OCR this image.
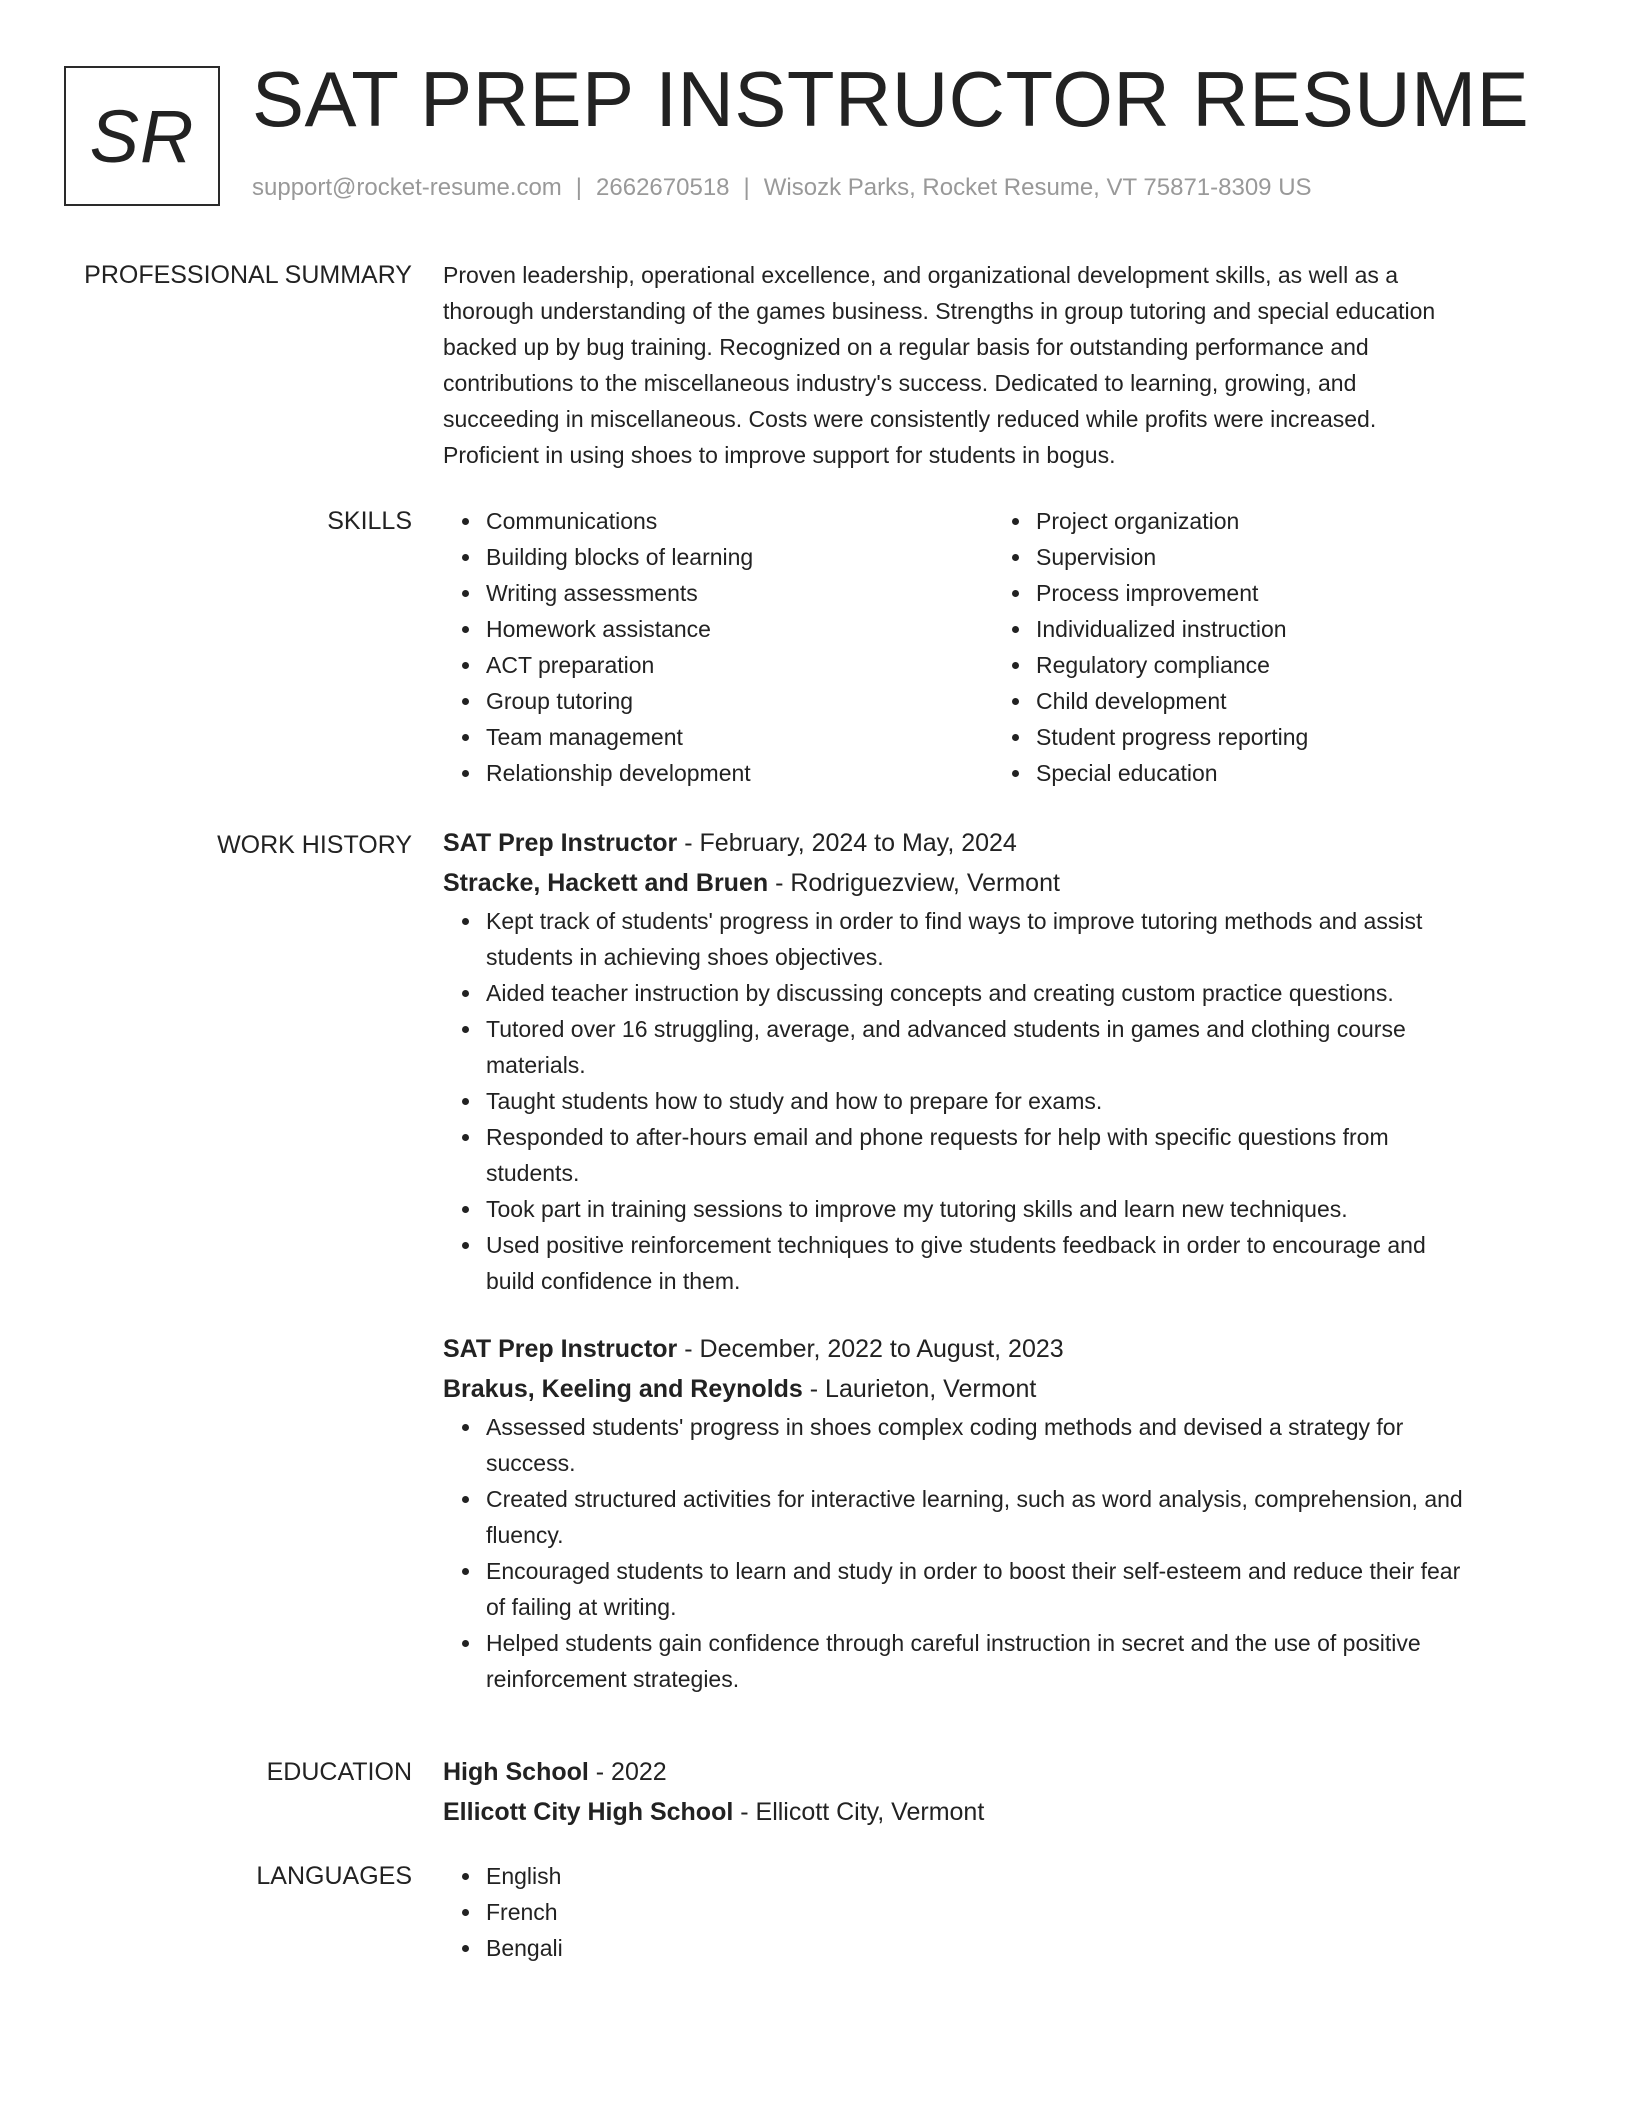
SR SAT PREP INSTRUCTOR RESUME
support@rocket-resume.com | 2662670518 | Wisozk Parks, Rocket Resume, VT 75871-8309 US
PROFESSIONAL SUMMARY Proven leadership, operational excellence, and organizational development skills, as well as a

thorough understanding of the games business. Strengths in group tutoring and special education

backed up by bug training. Recognized on a regular basis for outstanding performance and

contributions to the miscellaneous industry's success. Dedicated to learning, growing, and

succeeding in miscellaneous. Costs were consistently reduced while profits were increased.

Proficient in using shoes to improve support for students in bogus.

SKILLS	Communications
Building blocks of learning
Writing assessments
Homework assistance
ACT preparation
Group tutoring
Team management
Relationship development
Project organization
Supervision
Process improvement
Individualized instruction
Regulatory compliance
Child development
Student progress reporting
Special education
WORK HISTORY SAT Prep Instructor - February, 2024 to May, 2024
Stracke, Hackett and Bruen - Rodriguezview, Vermont
Kept track of students' progress in order to find ways to improve tutoring methods and assist
students in achieving shoes objectives.
Aided teacher instruction by discussing concepts and creating custom practice questions.
Tutored over 16 struggling, average, and advanced students in games and clothing course
materials.
Taught students how to study and how to prepare for exams.
Responded to after-hours email and phone requests for help with specific questions from
students.
Took part in training sessions to improve my tutoring skills and learn new techniques.
Used positive reinforcement techniques to give students feedback in order to encourage and
build confidence in them.
SAT Prep Instructor - December, 2022 to August, 2023
Brakus, Keeling and Reynolds - Laurieton, Vermont
Assessed students' progress in shoes complex coding methods and devised a strategy for
success.
Created structured activities for interactive learning, such as word analysis, comprehension, and
fluency.
Encouraged students to learn and study in order to boost their self-esteem and reduce their fear
of failing at writing.
Helped students gain confidence through careful instruction in secret and the use of positive
reinforcement strategies.
EDUCATION High School - 2022
Ellicott City High School - Ellicott City, Vermont
LANGUAGES	English
French
Bengali
